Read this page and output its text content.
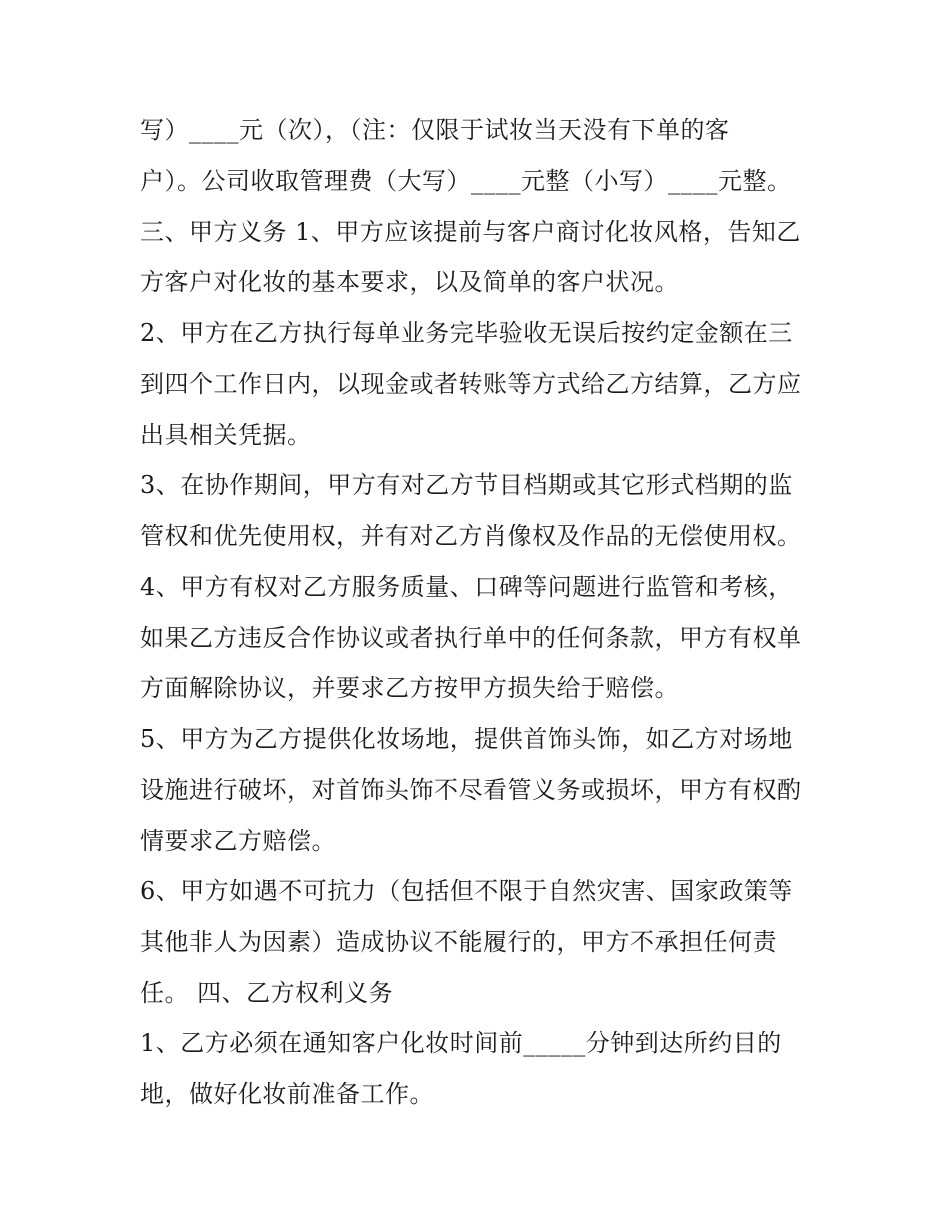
写）____元（次），（注：仅限于试妆当天没有下单的客
户）。公司收取管理费（大写）____元整（小写）____元整。
三、甲方义务 1、甲方应该提前与客户商讨化妆风格，告知乙
方客户对化妆的基本要求，以及简单的客户状况。
2、甲方在乙方执行每单业务完毕验收无误后按约定金额在三
到四个工作日内，以现金或者转账等方式给乙方结算，乙方应
出具相关凭据。
3、在协作期间，甲方有对乙方节目档期或其它形式档期的监
管权和优先使用权，并有对乙方肖像权及作品的无偿使用权。
4、甲方有权对乙方服务质量、口碑等问题进行监管和考核，
如果乙方违反合作协议或者执行单中的任何条款，甲方有权单
方面解除协议，并要求乙方按甲方损失给于赔偿。
5、甲方为乙方提供化妆场地，提供首饰头饰，如乙方对场地
设施进行破坏，对首饰头饰不尽看管义务或损坏，甲方有权酌
情要求乙方赔偿。
6、甲方如遇不可抗力（包括但不限于自然灾害、国家政策等
其他非人为因素）造成协议不能履行的，甲方不承担任何责
任。 四、乙方权利义务
1、乙方必须在通知客户化妆时间前_____分钟到达所约目的
地，做好化妆前准备工作。
